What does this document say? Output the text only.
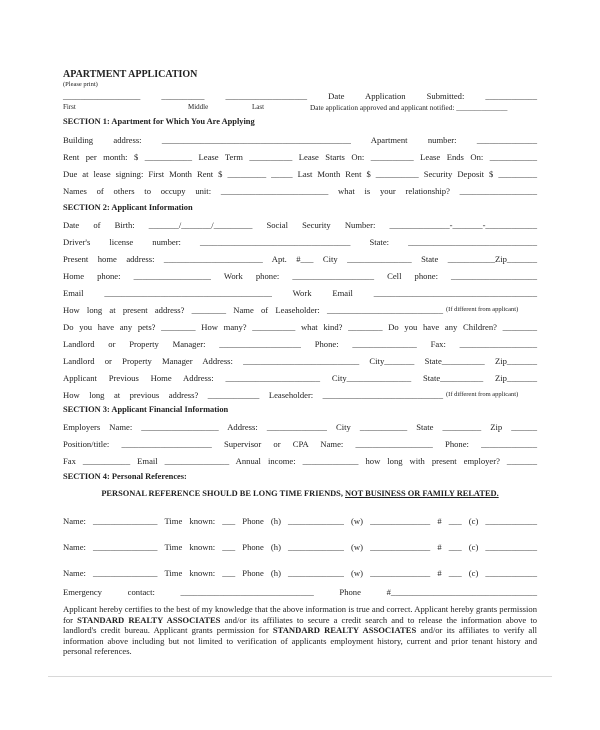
APARTMENT APPLICATION
(Please print)
__________________ __________ ___________________ Date Application Submitted: ____________
First	Middle	Last	Date application approved and applicant notified: ______________
SECTION 1: Apartment for Which You Are Applying
Building address: ____________________________________________ Apartment number: ______________
Rent per month: $ ___________ Lease Term __________ Lease Starts On: __________ Lease Ends On: ___________
Due at lease signing: First Month Rent $ _________ _____ Last Month Rent $ __________ Security Deposit $ _________
Names of others to occupy unit: _________________________ what is your relationship? __________________
SECTION 2: Applicant Information
Date of Birth: _______/_______/_________ Social Security Number: ______________-_______-____________
Driver's license number: ___________________________________ State: ______________________________
Present home address: _______________________ Apt. #___ City _______________ State ___________Zip_______
Home phone: __________________ Work phone: ___________________ Cell phone: ____________________
Email _______________________________________ Work Email ______________________________________
How long at present address? ________ Name of Leaseholder: ___________________________ (If different from applicant)
Do you have any pets? ________ How many? __________ what kind? ________ Do you have any Children? ________
Landlord or Property Manager: ___________________ Phone: _______________ Fax: __________________
Landlord or Property Manager Address: ___________________________ City_______ State__________ Zip_______
Applicant Previous Home Address: ______________________ City_______________ State__________ Zip_______
How long at previous address? ____________ Leaseholder: ____________________________ (If different from applicant)
SECTION 3: Applicant Financial Information
Employers Name: __________________ Address: ______________ City ___________ State _________ Zip ______
Position/title: _____________________ Supervisor or CPA Name: __________________ Phone: _____________
Fax ___________ Email _______________ Annual income: _____________ how long with present employer? _______
SECTION 4: Personal References:
PERSONAL REFERENCE SHOULD BE LONG TIME FRIENDS, NOT BUSINESS OR FAMILY RELATED.
Name: _______________ Time known: ___ Phone (h) _____________ (w) ______________ # ___ (c) ____________
Name: _______________ Time known: ___ Phone (h) _____________ (w) ______________ # ___ (c) ____________
Name: _______________ Time known: ___ Phone (h) _____________ (w) ______________ # ___ (c) ____________
Emergency contact: _______________________________ Phone #__________________________________
Applicant hereby certifies to the best of my knowledge that the above information is true and correct. Applicant hereby grants permission for STANDARD REALTY ASSOCIATES and/or its affiliates to secure a credit search and to release the information above to landlord's credit bureau. Applicant grants permission for STANDARD REALTY ASSOCIATES and/or its affiliates to verify all information above including but not limited to verification of applicants employment history, current and prior tenant history and personal references.
